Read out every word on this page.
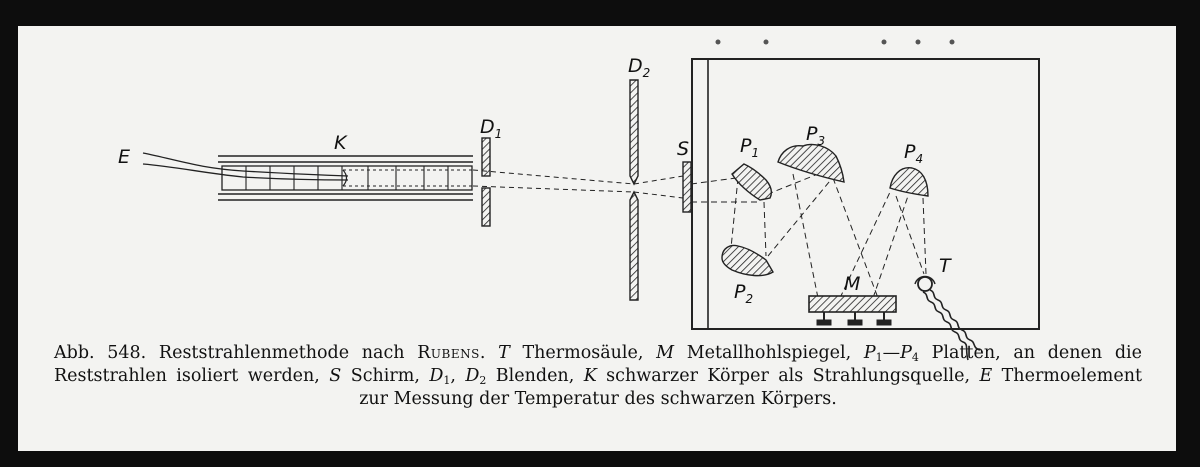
E
K
$D_1$
$D_2$
S	$P_1$
$P_2$
$P_3$	$P_4$
M
T

Abb. 548. Reststrahlenmethode nach Rubens. T Thermosäule, M Metallhohlspiegel, $P_1—P_4$ Platten, an denen die

Reststrahlen isoliert werden, S Schirm, $D_1$, $D_2$ Blenden, K schwarzer Körper als Strahlungsquelle, E Thermoelement

zur Messung der Temperatur des schwarzen Körpers.
